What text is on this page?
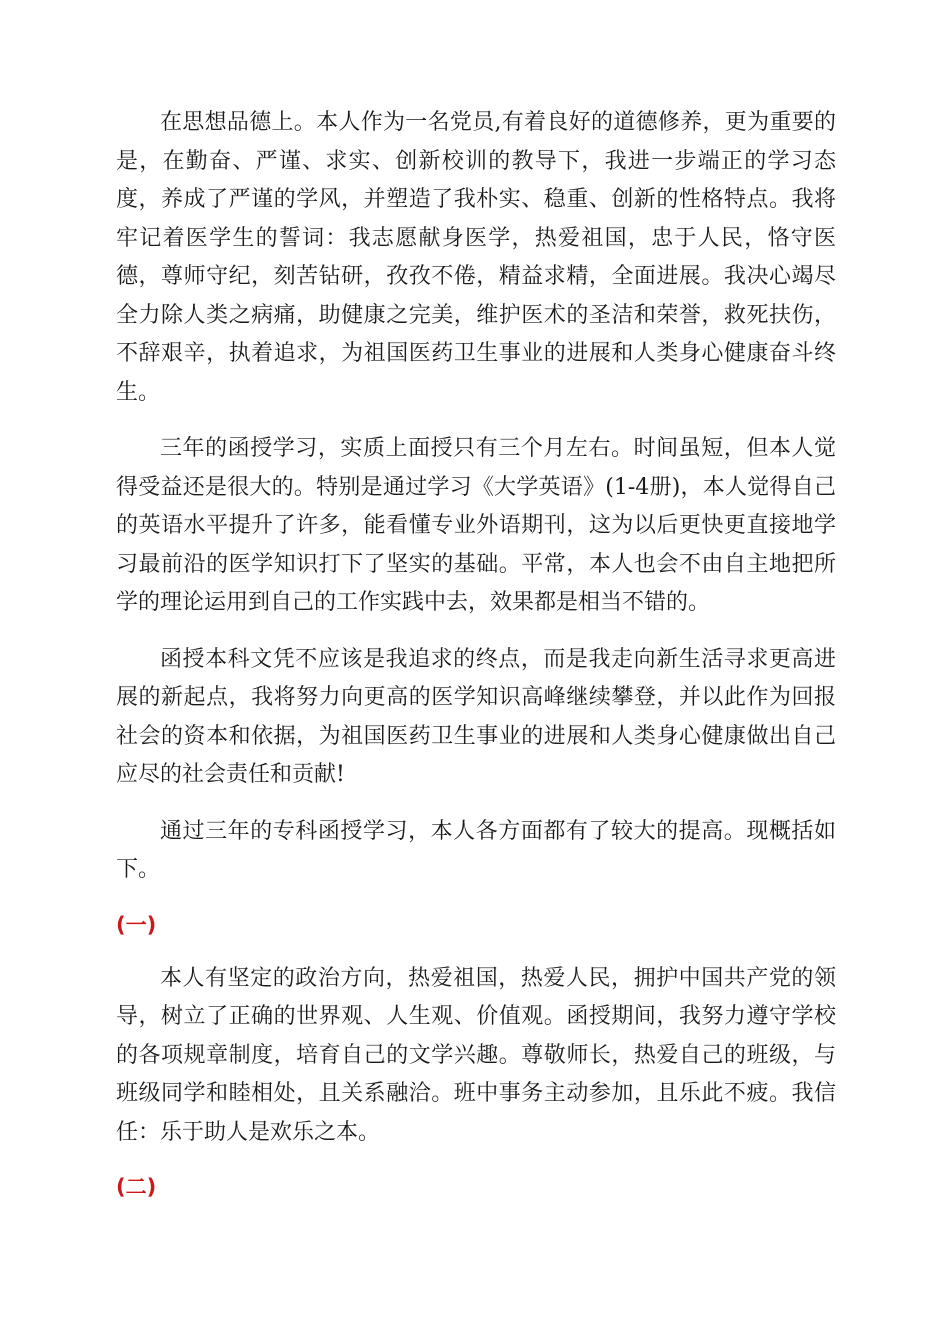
在思想品德上。本人作为一名党员,有着良好的道德修养，更为重要的是，在勤奋、严谨、求实、创新校训的教导下，我进一步端正的学习态度，养成了严谨的学风，并塑造了我朴实、稳重、创新的性格特点。我将牢记着医学生的誓词：我志愿献身医学，热爱祖国，忠于人民，恪守医德，尊师守纪，刻苦钻研，孜孜不倦，精益求精，全面进展。我决心竭尽全力除人类之病痛，助健康之完美，维护医术的圣洁和荣誉，救死扶伤，不辞艰辛，执着追求，为祖国医药卫生事业的进展和人类身心健康奋斗终生。

三年的函授学习，实质上面授只有三个月左右。时间虽短，但本人觉得受益还是很大的。特别是通过学习《大学英语》(1-4册)，本人觉得自己的英语水平提升了许多，能看懂专业外语期刊，这为以后更快更直接地学习最前沿的医学知识打下了坚实的基础。平常，本人也会不由自主地把所学的理论运用到自己的工作实践中去，效果都是相当不错的。

函授本科文凭不应该是我追求的终点，而是我走向新生活寻求更高进展的新起点，我将努力向更高的医学知识高峰继续攀登，并以此作为回报社会的资本和依据，为祖国医药卫生事业的进展和人类身心健康做出自己应尽的社会责任和贡献!

通过三年的专科函授学习，本人各方面都有了较大的提高。现概括如下。

(一)

本人有坚定的政治方向，热爱祖国，热爱人民，拥护中国共产党的领导，树立了正确的世界观、人生观、价值观。函授期间，我努力遵守学校的各项规章制度，培育自己的文学兴趣。尊敬师长，热爱自己的班级，与班级同学和睦相处，且关系融洽。班中事务主动参加，且乐此不疲。我信任：乐于助人是欢乐之本。

(二)
